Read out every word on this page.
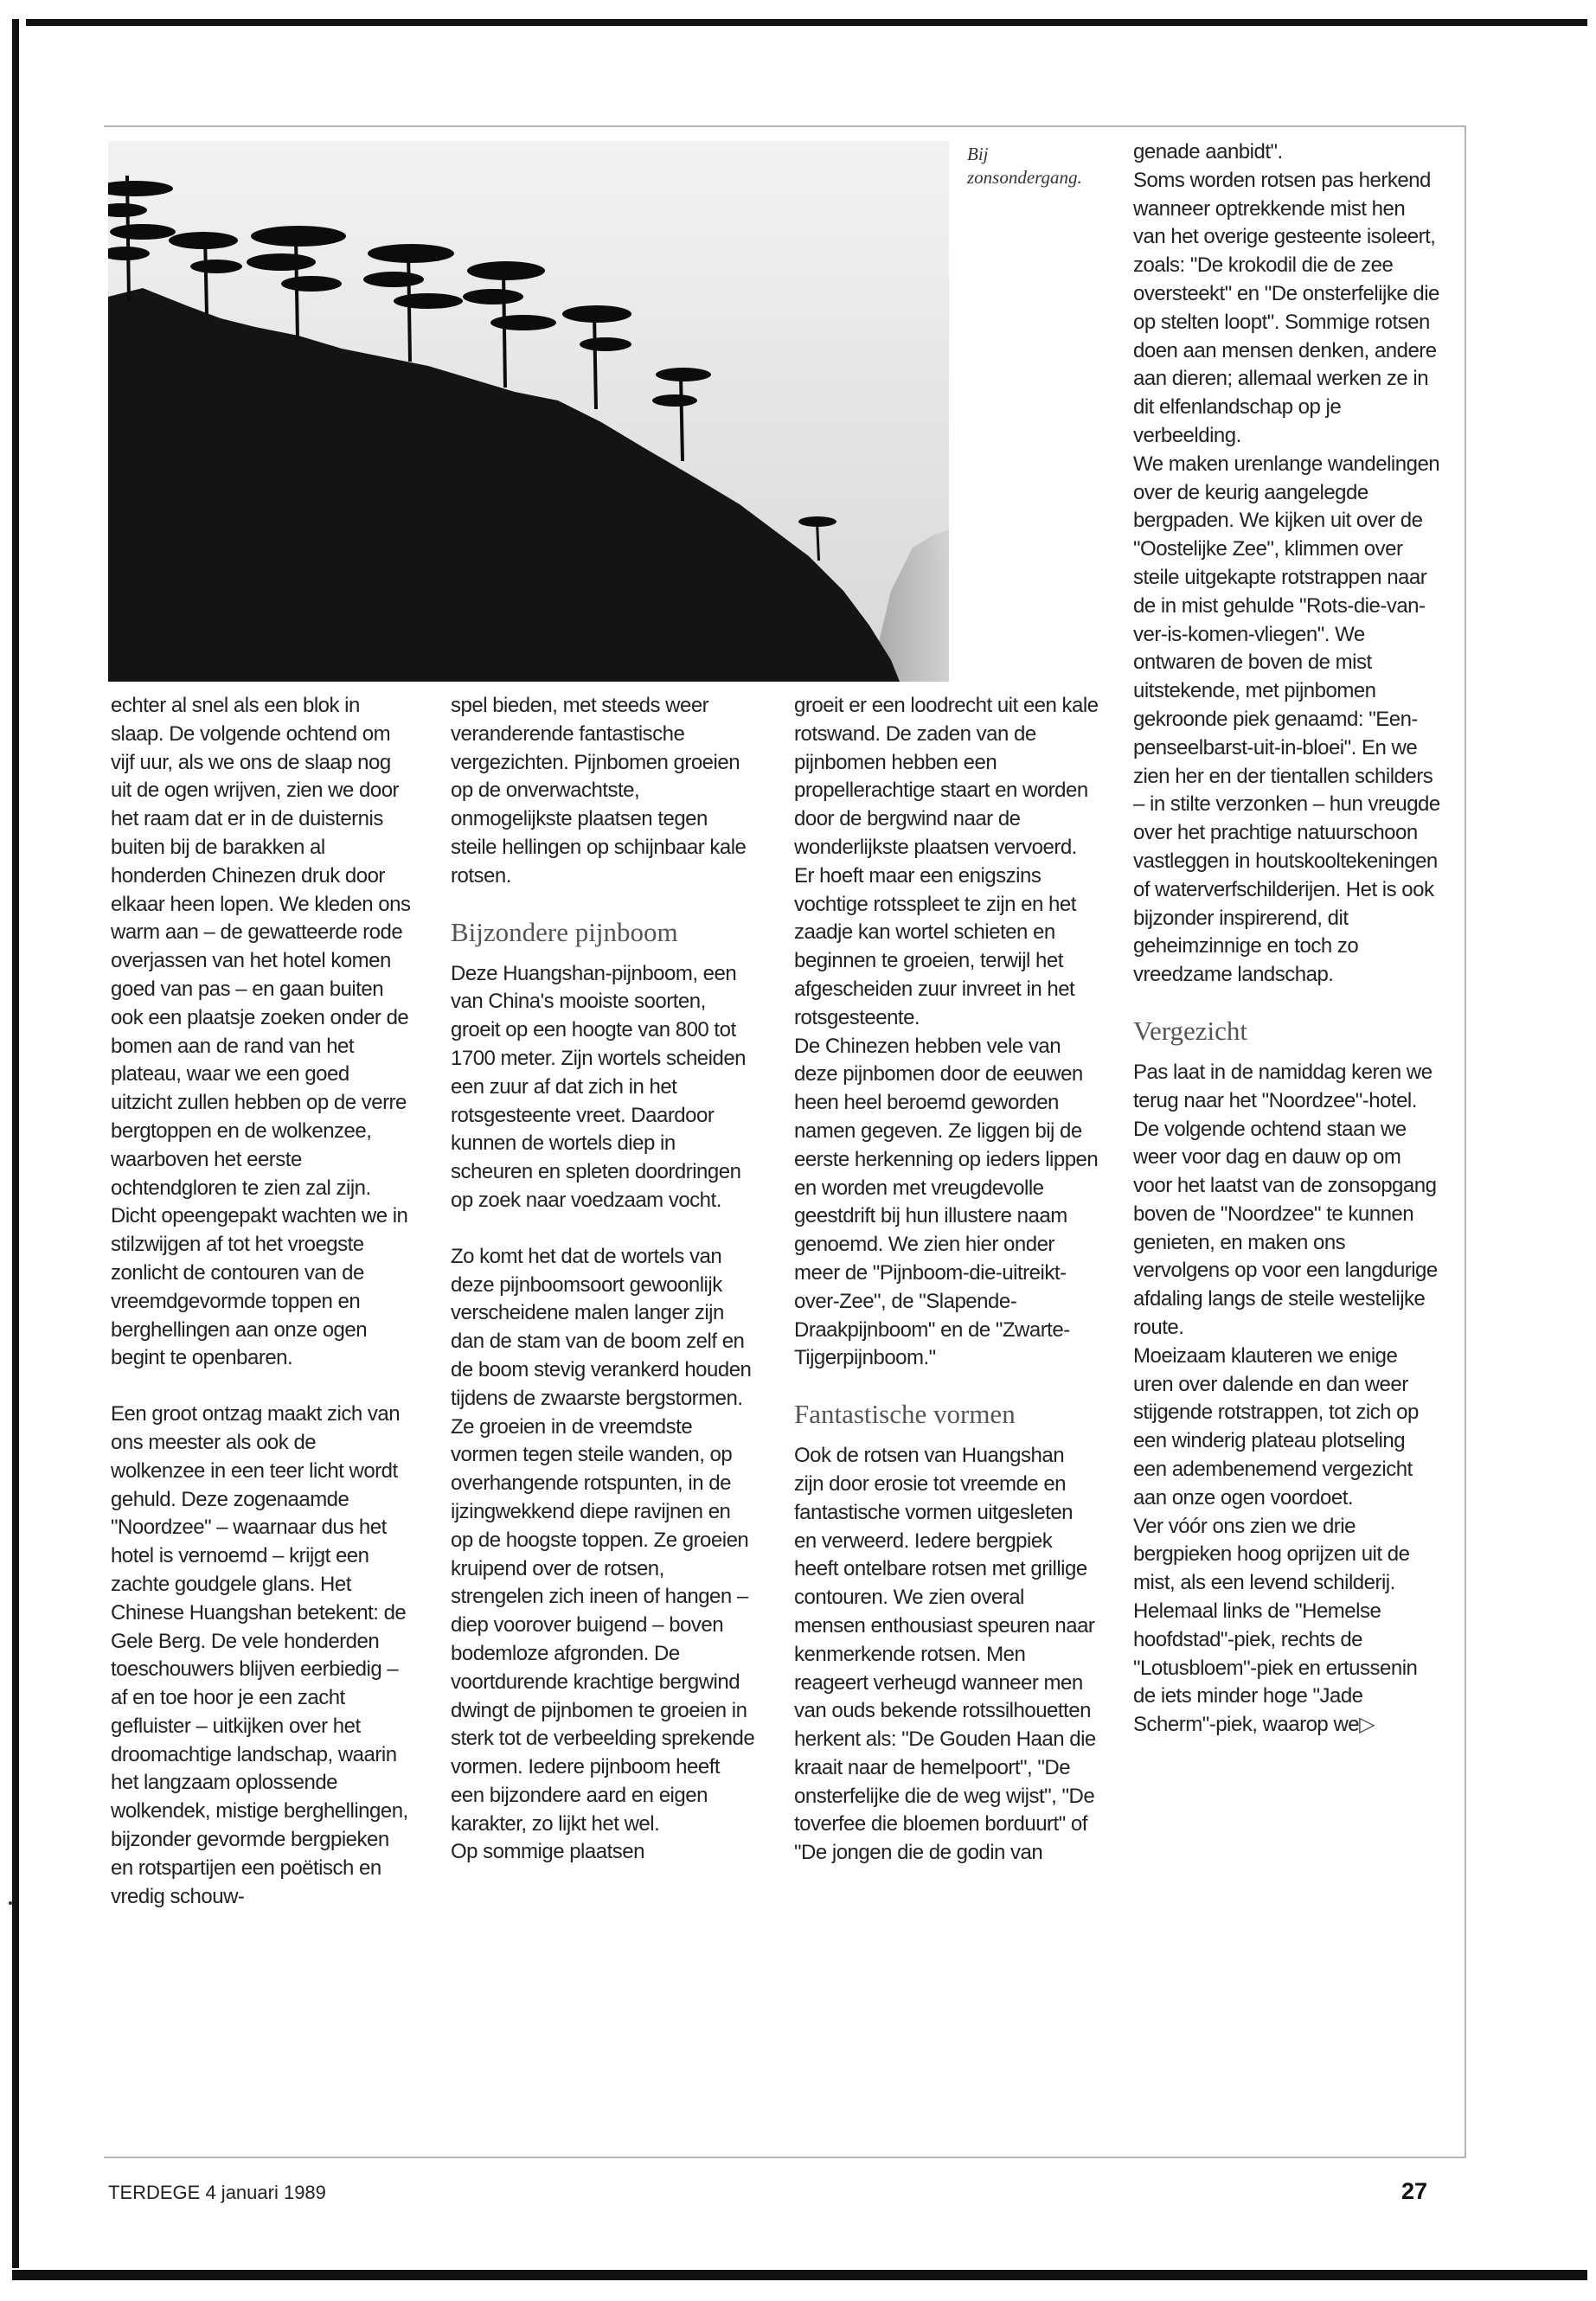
Bij zonsondergang.

echter al snel als een blok in slaap. De volgende ochtend om vijf uur, als we ons de slaap nog uit de ogen wrijven, zien we door het raam dat er in de duisternis buiten bij de barakken al honderden Chinezen druk door elkaar heen lopen. We kleden ons warm aan – de gewatteerde rode overjassen van het hotel komen goed van pas – en gaan buiten ook een plaatsje zoeken onder de bomen aan de rand van het plateau, waar we een goed uitzicht zullen hebben op de verre bergtoppen en de wolkenzee, waarboven het eerste ochtendgloren te zien zal zijn. Dicht opeengepakt wachten we in stilzwijgen af tot het vroegste zonlicht de contouren van de vreemdgevormde toppen en berghellingen aan onze ogen begint te openbaren.

Een groot ontzag maakt zich van ons meester als ook de wolkenzee in een teer licht wordt gehuld. Deze zogenaamde "Noordzee" – waarnaar dus het hotel is vernoemd – krijgt een zachte goudgele glans. Het Chinese Huangshan betekent: de Gele Berg. De vele honderden toeschouwers blijven eerbiedig – af en toe hoor je een zacht gefluister – uitkijken over het droomachtige landschap, waarin het langzaam oplossende wolkendek, mistige berghellingen, bijzonder gevormde bergpieken en rotspartijen een poëtisch en vredig schouw-

spel bieden, met steeds weer veranderende fantastische vergezichten. Pijnbomen groeien op de onverwachtste, onmogelijkste plaatsen tegen steile hellingen op schijnbaar kale rotsen.

Bijzondere pijnboom

Deze Huangshan-pijnboom, een van China's mooiste soorten, groeit op een hoogte van 800 tot 1700 meter. Zijn wortels scheiden een zuur af dat zich in het rotsgesteente vreet. Daardoor kunnen de wortels diep in scheuren en spleten doordringen op zoek naar voedzaam vocht.

Zo komt het dat de wortels van deze pijnboomsoort gewoonlijk verscheidene malen langer zijn dan de stam van de boom zelf en de boom stevig verankerd houden tijdens de zwaarste bergstormen.

Ze groeien in de vreemdste vormen tegen steile wanden, op overhangende rotspunten, in de ijzingwekkend diepe ravijnen en op de hoogste toppen. Ze groeien kruipend over de rotsen, strengelen zich ineen of hangen – diep voorover buigend – boven bodemloze afgronden. De voortdurende krachtige bergwind dwingt de pijnbomen te groeien in sterk tot de verbeelding sprekende vormen. Iedere pijnboom heeft een bijzondere aard en eigen karakter, zo lijkt het wel.

Op sommige plaatsen

groeit er een loodrecht uit een kale rotswand. De zaden van de pijnbomen hebben een propellerachtige staart en worden door de bergwind naar de wonderlijkste plaatsen vervoerd. Er hoeft maar een enigszins vochtige rotsspleet te zijn en het zaadje kan wortel schieten en beginnen te groeien, terwijl het afgescheiden zuur invreet in het rotsgesteente.

De Chinezen hebben vele van deze pijnbomen door de eeuwen heen heel beroemd geworden namen gegeven. Ze liggen bij de eerste herkenning op ieders lippen en worden met vreugdevolle geestdrift bij hun illustere naam genoemd. We zien hier onder meer de "Pijnboom-die-uitreikt-over-Zee", de "Slapende-Draakpijnboom" en de "Zwarte-Tijgerpijnboom."

Fantastische vormen

Ook de rotsen van Huangshan zijn door erosie tot vreemde en fantastische vormen uitgesleten en verweerd. Iedere bergpiek heeft ontelbare rotsen met grillige contouren. We zien overal mensen enthousiast speuren naar kenmerkende rotsen. Men reageert verheugd wanneer men van ouds bekende rotssilhouetten herkent als: "De Gouden Haan die kraait naar de hemelpoort", "De onsterfelijke die de weg wijst", "De toverfee die bloemen borduurt" of "De jongen die de godin van

genade aanbidt".

Soms worden rotsen pas herkend wanneer optrekkende mist hen van het overige gesteente isoleert, zoals: "De krokodil die de zee oversteekt" en "De onsterfelijke die op stelten loopt". Sommige rotsen doen aan mensen denken, andere aan dieren; allemaal werken ze in dit elfenlandschap op je verbeelding.

We maken urenlange wandelingen over de keurig aangelegde bergpaden. We kijken uit over de "Oostelijke Zee", klimmen over steile uitgekapte rotstrappen naar de in mist gehulde "Rots-die-van-ver-is-komen-vliegen". We ontwaren de boven de mist uitstekende, met pijnbomen gekroonde piek genaamd: "Een-penseelbarst-uit-in-bloei". En we zien her en der tientallen schilders – in stilte verzonken – hun vreugde over het prachtige natuurschoon vastleggen in houtskooltekeningen of waterverfschilderijen. Het is ook bijzonder inspirerend, dit geheimzinnige en toch zo vreedzame landschap.

Vergezicht

Pas laat in de namiddag keren we terug naar het "Noordzee"-hotel. De volgende ochtend staan we weer voor dag en dauw op om voor het laatst van de zonsopgang boven de "Noordzee" te kunnen genieten, en maken ons vervolgens op voor een langdurige afdaling langs de steile westelijke route.

Moeizaam klauteren we enige uren over dalende en dan weer stijgende rotstrappen, tot zich op een winderig plateau plotseling een adembenemend vergezicht aan onze ogen voordoet.

Ver vóór ons zien we drie bergpieken hoog oprijzen uit de mist, als een levend schilderij. Helemaal links de "Hemelse hoofdstad"-piek, rechts de "Lotusbloem"-piek en ertussenin de iets minder hoge "Jade Scherm"-piek, waarop we▷

TERDEGE 4 januari 1989	27
